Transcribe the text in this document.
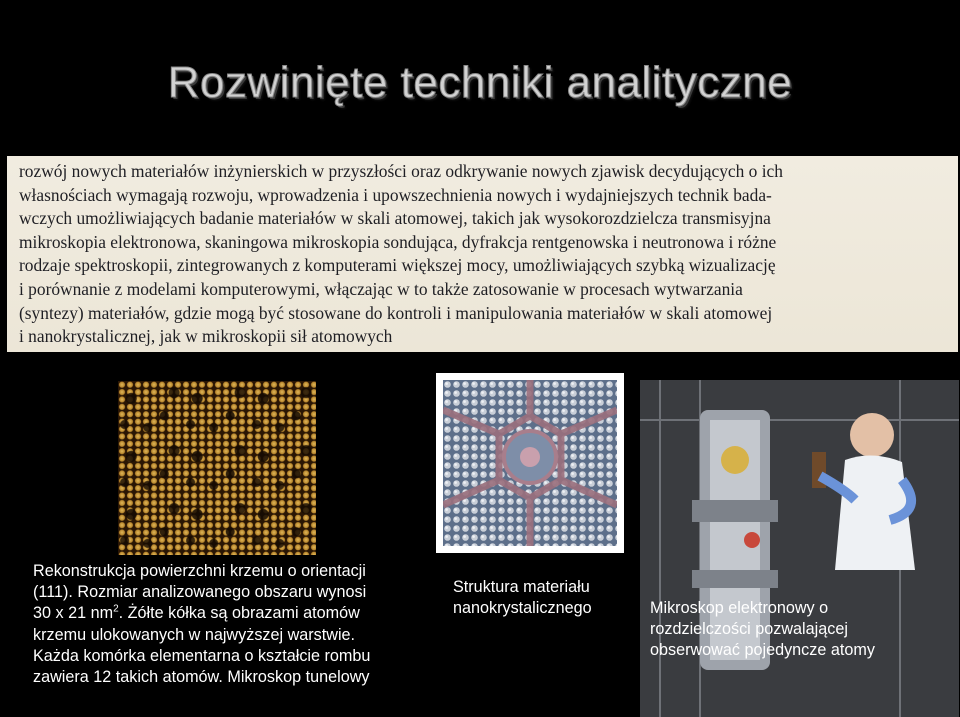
Rozwinięte techniki analityczne
rozwój nowych materiałów inżynierskich w przyszłości oraz odkrywanie nowych zjawisk decydujących o ich
własnościach wymagają rozwoju, wprowadzenia i upowszechnienia nowych i wydajniejszych technik bada-
wczych umożliwiających badanie materiałów w skali atomowej, takich jak wysokorozdzielcza transmisyjna
mikroskopia elektronowa, skaningowa mikroskopia sondująca, dyfrakcja rentgenowska i neutronowa i różne
rodzaje spektroskopii, zintegrowanych z komputerami większej mocy, umożliwiających szybką wizualizację
i porównanie z modelami komputerowymi, włączając w to także zatosowanie w procesach wytwarzania
(syntezy) materiałów, gdzie mogą być stosowane do kontroli i manipulowania materiałów w skali atomowej
i nanokrystalicznej, jak w mikroskopii sił atomowych
Rekonstrukcja powierzchni krzemu o orientacji
(111). Rozmiar analizowanego obszaru wynosi
30 x 21 $nm^2$. Żółte kółka są obrazami atomów
krzemu ulokowanych w najwyższej warstwie.
Każda komórka elementarna o kształcie rombu
zawiera 12 takich atomów. Mikroskop tunelowy
Struktura materiału
nanokrystalicznego	Mikroskop elektronowy o
rozdzielczości pozwalającej
obserwować pojedyncze atomy
